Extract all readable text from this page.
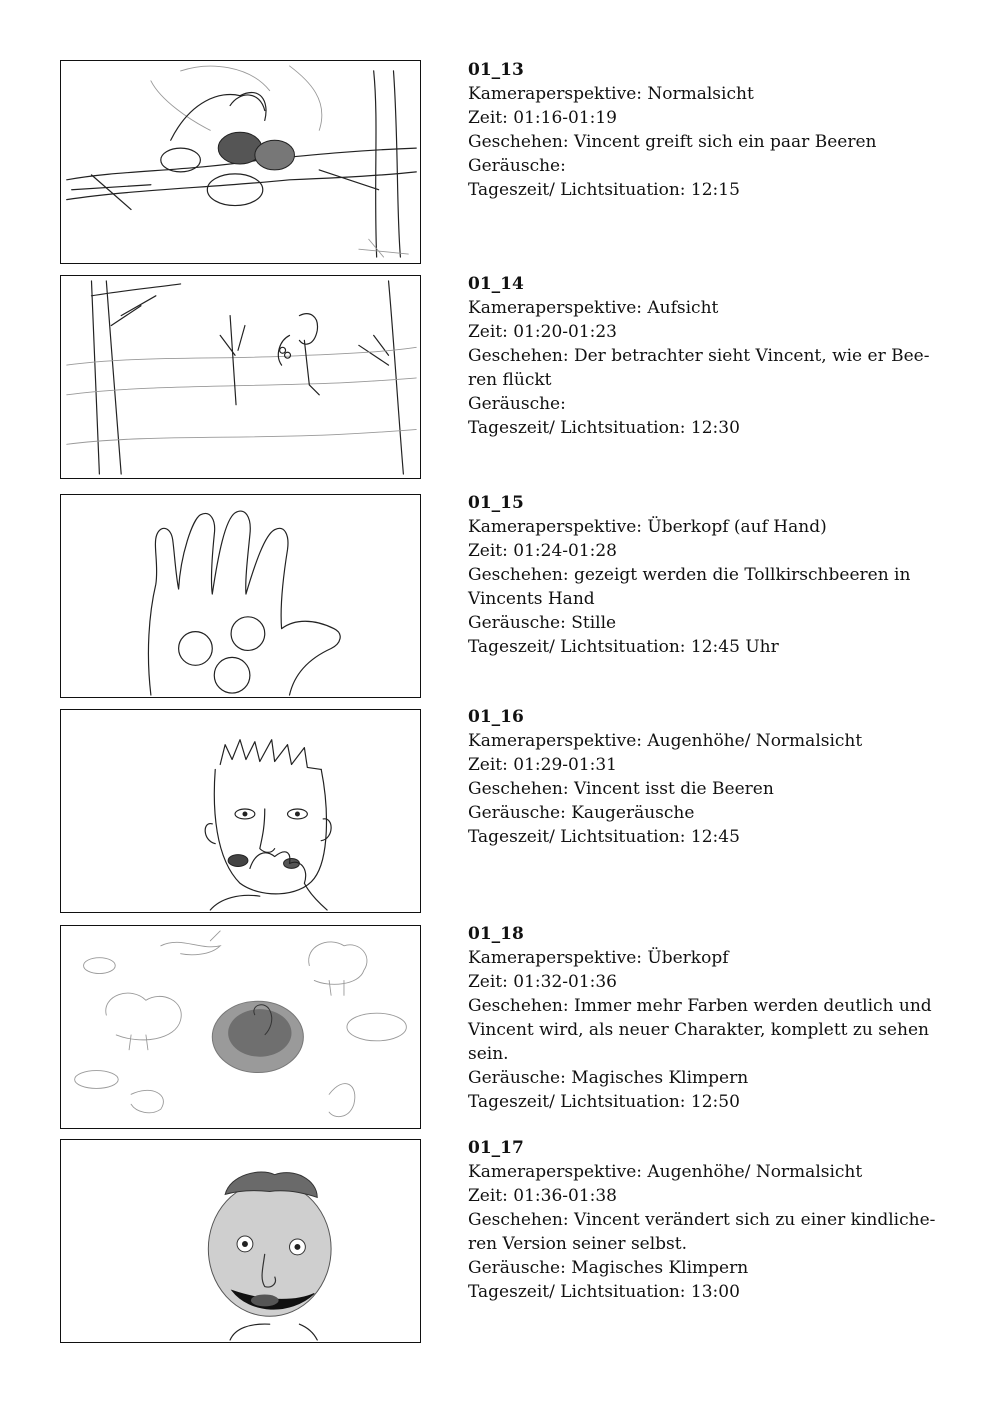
01_13
Kameraperspektive: Normalsicht
Zeit: 01:16-01:19
Geschehen: Vincent greift sich ein paar Beeren
Geräusche:
Tageszeit/ Lichtsituation: 12:15
01_14
Kameraperspektive: Aufsicht
Zeit: 01:20-01:23
Geschehen: Der betrachter sieht Vincent, wie er Bee-
ren flückt
Geräusche:
Tageszeit/ Lichtsituation: 12:30
01_15
Kameraperspektive: Überkopf (auf Hand)
Zeit: 01:24-01:28
Geschehen: gezeigt werden die Tollkirschbeeren in
Vincents Hand
Geräusche: Stille
Tageszeit/ Lichtsituation: 12:45 Uhr
01_16
Kameraperspektive: Augenhöhe/ Normalsicht
Zeit: 01:29-01:31
Geschehen: Vincent isst die Beeren
Geräusche: Kaugeräusche
Tageszeit/ Lichtsituation: 12:45
01_18
Kameraperspektive: Überkopf
Zeit: 01:32-01:36
Geschehen: Immer mehr Farben werden deutlich und
Vincent wird, als neuer Charakter, komplett zu sehen
sein.
Geräusche: Magisches Klimpern
Tageszeit/ Lichtsituation: 12:50
01_17
Kameraperspektive: Augenhöhe/ Normalsicht
Zeit: 01:36-01:38
Geschehen: Vincent verändert sich zu einer kindliche-
ren Version seiner selbst.
Geräusche: Magisches Klimpern
Tageszeit/ Lichtsituation: 13:00
